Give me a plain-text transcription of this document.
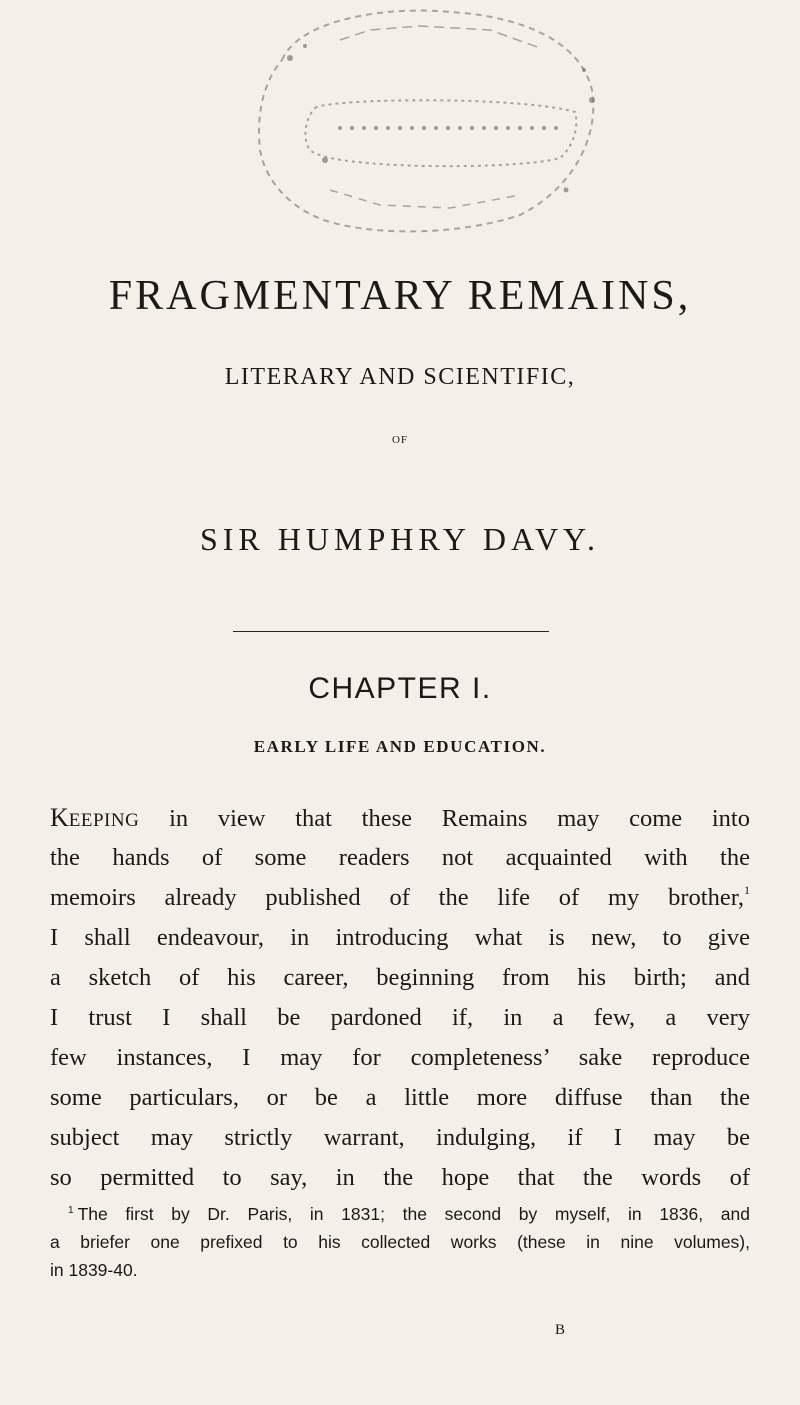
FRAGMENTARY REMAINS,
LITERARY AND SCIENTIFIC,
OF
SIR HUMPHRY DAVY.
CHAPTER I.
EARLY LIFE AND EDUCATION.
KEEPING in view that these Remains may come into
the hands of some readers not acquainted with the
memoirs already published of the life of my brother,$^1$
I shall endeavour, in introducing what is new, to give
a sketch of his career, beginning from his birth; and
I trust I shall be pardoned if, in a few, a very
few instances, I may for completeness’ sake reproduce
some particulars, or be a little more diffuse than the
subject may strictly warrant, indulging, if I may be
so permitted to say, in the hope that the words of
$^1$ The first by Dr. Paris, in 1831; the second by myself, in 1836, and
a briefer one prefixed to his collected works (these in nine volumes),
in 1839-40.
B
